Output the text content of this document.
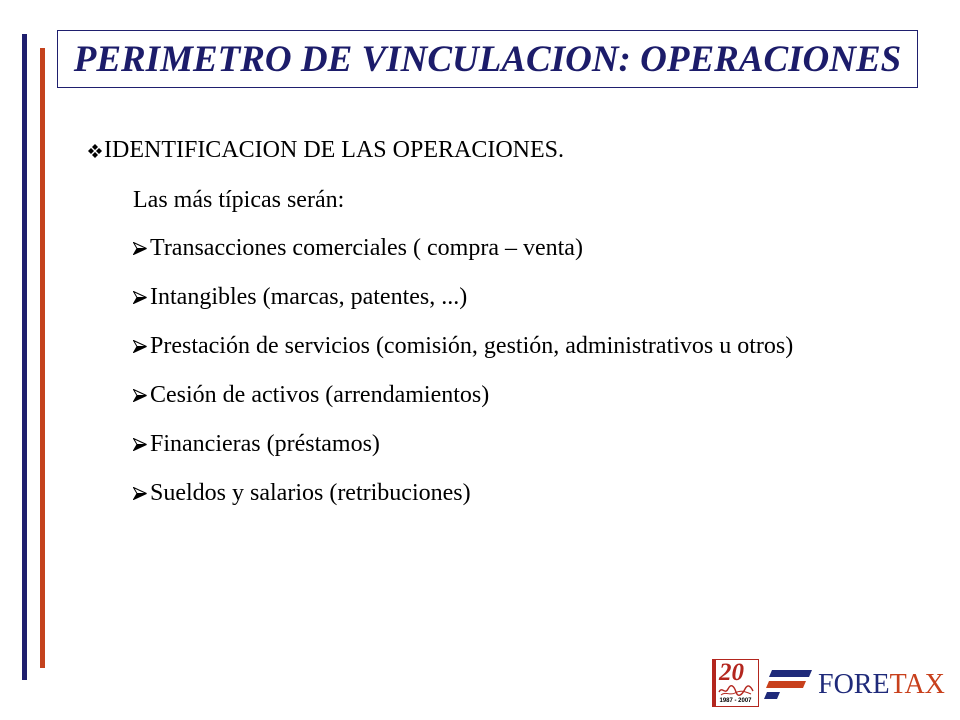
PERIMETRO DE VINCULACION: OPERACIONES
IDENTIFICACION DE LAS OPERACIONES.
Las más típicas serán:
Transacciones comerciales ( compra – venta)
Intangibles (marcas, patentes, ...)
Prestación de servicios (comisión, gestión, administrativos u otros)
Cesión de activos (arrendamientos)
Financieras (préstamos)
Sueldos y salarios (retribuciones)
20
1987 - 2007
FORETAX
